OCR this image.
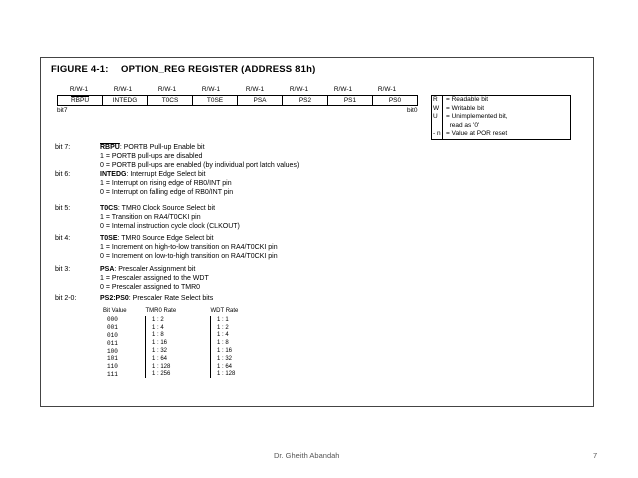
FIGURE 4-1: OPTION_REG REGISTER (ADDRESS 81h)
R/W-1	R/W-1	R/W-1	R/W-1	R/W-1	R/W-1	R/W-1	R/W-1
RBPU	INTEDG	T0CS	T0SE	PSA	PS2	PS1	PS0
bit7	bit0
R	= Readable bit
W	= Writable bit
U	= Unimplemented bit,
read as '0'
- n = Value at POR reset
bit 7:	RBPU: PORTB Pull-up Enable bit
1 = PORTB pull-ups are disabled
0 = PORTB pull-ups are enabled (by individual port latch values)
bit 6:	INTEDG: Interrupt Edge Select bit
1 = Interrupt on rising edge of RB0/INT pin
0 = Interrupt on falling edge of RB0/INT pin
bit 5:	T0CS: TMR0 Clock Source Select bit
1 = Transition on RA4/T0CKI pin
0 = Internal instruction cycle clock (CLKOUT)
bit 4:	T0SE: TMR0 Source Edge Select bit
1 = Increment on high-to-low transition on RA4/T0CKI pin
0 = Increment on low-to-high transition on RA4/T0CKI pin
bit 3:	PSA: Prescaler Assignment bit
1 = Prescaler assigned to the WDT
0 = Prescaler assigned to TMR0
bit 2-0:	PS2:PS0: Prescaler Rate Select bits
Bit Value	TMR0 Rate	WDT Rate
000	1 : 2	1 : 1
001	1 : 4	1 : 2
010	1 : 8	1 : 4
011	1 : 16	1 : 8
100	1 : 32	1 : 16
101	1 : 64	1 : 32
110	1 : 128	1 : 64
111	1 : 256	1 : 128
Dr. Gheith Abandah	7
